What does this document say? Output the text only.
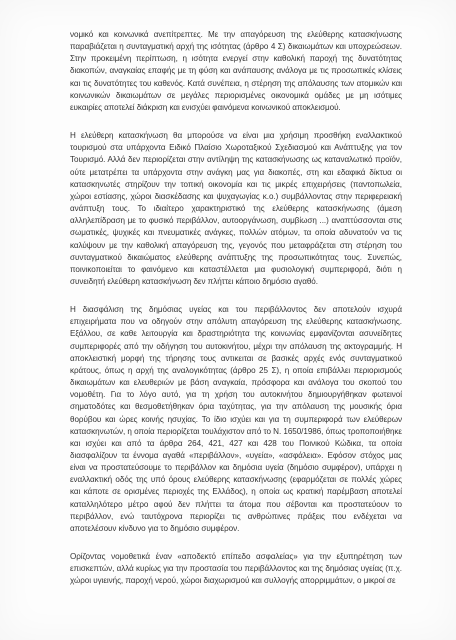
νομικό και κοινωνικά ανεπίτρεπτες. Με την απαγόρευση της ελεύθερης κατασκήνωσης παραβιάζεται η συνταγματική αρχή της ισότητας (άρθρο 4 Σ) δικαιωμάτων και υποχρεώσεων. Στην προκειμένη περίπτωση, η ισότητα ενεργεί στην καθολική παροχή της δυνατότητας διακοπών, αναγκαίας επαφής με τη φύση και ανάπαυσης ανάλογα με τις προσωπικές κλίσεις και τις δυνατότητες του καθενός. Κατά συνέπεια, η στέρηση της απόλαυσης των ατομικών και κοινωνικών δικαιωμάτων σε μεγάλες περιορισμένες οικονομικά ομάδες με μη ισότιμες ευκαιρίες αποτελεί διάκριση και ενισχύει φαινόμενα κοινωνικού αποκλεισμού.

Η ελεύθερη κατασκήνωση θα μπορούσε να είναι μια χρήσιμη προσθήκη εναλλακτικού τουρισμού στα υπάρχοντα Ειδικό Πλαίσιο Χωροταξικού Σχεδιασμού και Ανάπτυξης για τον Τουρισμό. Αλλά δεν περιορίζεται στην αντίληψη της κατασκήνωσης ως καταναλωτικό προϊόν, ούτε μετατρέπει τα υπάρχοντα στην ανάγκη μας για διακοπές, στη και εδαφικά δίκτυα οι κατασκηνωτές στηρίζουν την τοπική οικονομία και τις μικρές επιχειρήσεις (παντοπωλεία, χώροι εστίασης, χώροι διασκέδασης και ψυχαγωγίας κ.ο.) συμβάλλοντας στην περιφερειακή ανάπτυξη τους. Το ιδιαίτερο χαρακτηριστικό της ελεύθερης κατασκήνωσης (άμεση αλληλεπίδραση με το φυσικό περιβάλλον, αυτοοργάνωση, συμβίωση ...) αναπτύσσονται στις σωματικές, ψυχικές και πνευματικές ανάγκες, πολλών ατόμων, τα οποία αδυνατούν να τις καλύψουν με την καθολική απαγόρευση της, γεγονός που μεταφράζεται στη στέρηση του συνταγματικού δικαιώματος ελεύθερης ανάπτυξης της προσωπικότητας τους. Συνεπώς, ποινικοποιείται το φαινόμενο και καταστέλλεται μια φυσιολογική συμπεριφορά, διότι η συνειδητή ελεύθερη κατασκήνωση δεν πλήττει κάποιο δημόσιο αγαθό.

Η διασφάλιση της δημόσιας υγείας και του περιβάλλοντος δεν αποτελούν ισχυρά επιχειρήματα που να οδηγούν στην απόλυτη απαγόρευση της ελεύθερης κατασκήνωσης. Εξάλλου, σε καθε λειτουργία και δραστηριότητα της κοινωνίας εμφανίζονται ασυνείδητες συμπεριφορές από την οδήγηση του αυτοκινήτου, μέχρι την απόλαυση της ακτογραμμής. Η αποκλειστική μορφή της τήρησης τους αντικειται σε βασικές αρχές ενός συνταγματικού κράτους, όπως η αρχή της αναλογικότητας (άρθρο 25 Σ), η οποία επιβάλλει περιορισμούς δικαιωμάτων και ελευθεριών με βάση αναγκαία, πρόσφορα και ανάλογα του σκοπού του νομοθέτη. Για το λόγο αυτό, για τη χρήση του αυτοκινήτου δημιουργήθηκαν φωτεινοί σηματοδότες και θεσμοθετήθηκαν όρια ταχύτητας, για την απόλαυση της μουσικής όρια θορύβου και ώρες κοινής ησυχίας. Το ίδιο ισχύει και για τη συμπεριφορά των ελεύθερων κατασκηνωτών, η οποία περιορίζεται τουλάχιστον από το Ν. 1650/1986, όπως τροποποιήθηκε και ισχύει και από τα άρθρα 264, 421, 427 και 428 του Ποινικού Κώδικα, τα οποία διασφαλίζουν τα έννομα αγαθά «περιβάλλον», «υγεία», «ασφάλεια». Εφόσον στόχος μας είναι να προστατεύσουμε το περιβάλλον και δημόσια υγεία (δημόσιο συμφέρον), υπάρχει η εναλλακτική οδός της υπό όρους ελεύθερης κατασκήνωσης (εφαρμόζεται σε πολλές χώρες και κάποτε σε ορισμένες περιοχές της Ελλάδος), η οποία ως κρατική παρέμβαση αποτελεί καταλληλότερο μέτρο αφού δεν πλήττει τα άτομα που σέβονται και προστατεύουν το περιβάλλον, ενώ ταυτόχρονα περιορίζει τις ανθρώπινες πράξεις που ενδέχεται να αποτελέσουν κίνδυνο για το δημόσιο συμφέρον.

Ορίζοντας νομοθετικά έναν «αποδεκτό επίπεδο ασφαλείας» για την εξυπηρέτηση των επισκεπτών, αλλά κυρίως για την προστασία του περιβάλλοντος και της δημόσιας υγείας (π.χ. χώροι υγιεινής, παροχή νερού, χώροι διαχωρισμού και συλλογής απορριμμάτων, ο μικροί σε
